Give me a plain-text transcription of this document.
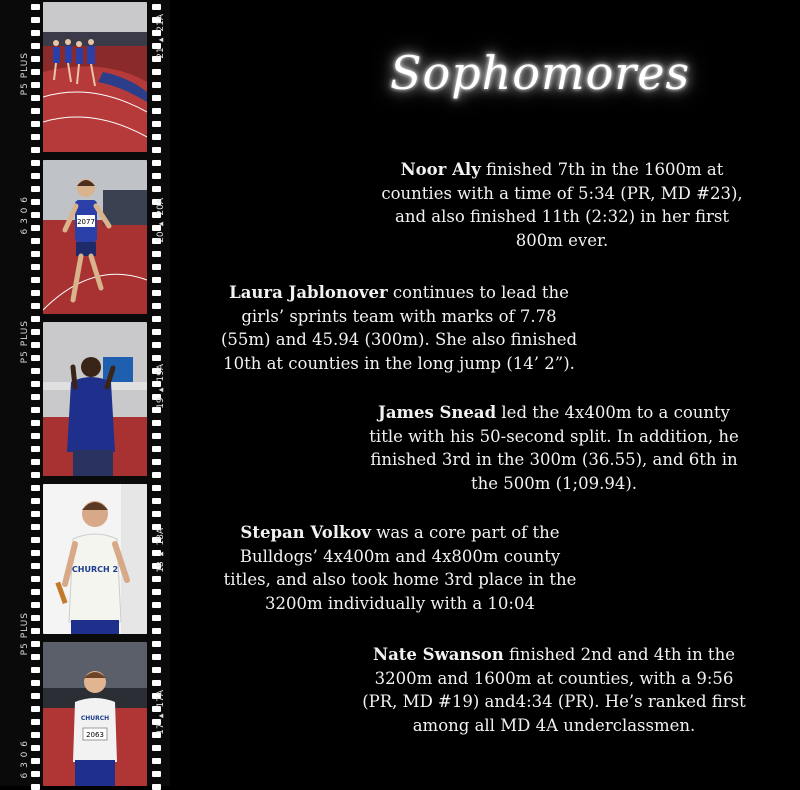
P5 PLUS
6 3 0 6
P5 PLUS
P5 PLUS
6 3 0 6
2077
CHURCH 2
CHURCH
2063
21 ▸ 21A
20 ▸ 20A
19 ▸ 19A
18 ▸ 18A
17 ▸ 17A
Sophomores
Noor Aly finished 7th in the 1600m at counties with a time of 5:34 (PR, MD #23), and also finished 11th (2:32) in her first 800m ever.
Laura Jablonover continues to lead the girls’ sprints team with marks of 7.78 (55m) and 45.94 (300m). She also finished 10th at counties in the long jump (14’ 2”).
James Snead led the 4x400m to a county title with his 50-second split. In addition, he finished 3rd in the 300m (36.55), and 6th in the 500m (1;09.94).
Stepan Volkov was a core part of the Bulldogs’ 4x400m and 4x800m county titles, and also took home 3rd place in the 3200m individually with a 10:04
Nate Swanson finished 2nd and 4th in the 3200m and 1600m at counties, with a 9:56 (PR, MD #19) and4:34 (PR). He’s ranked first among all MD 4A underclassmen.
